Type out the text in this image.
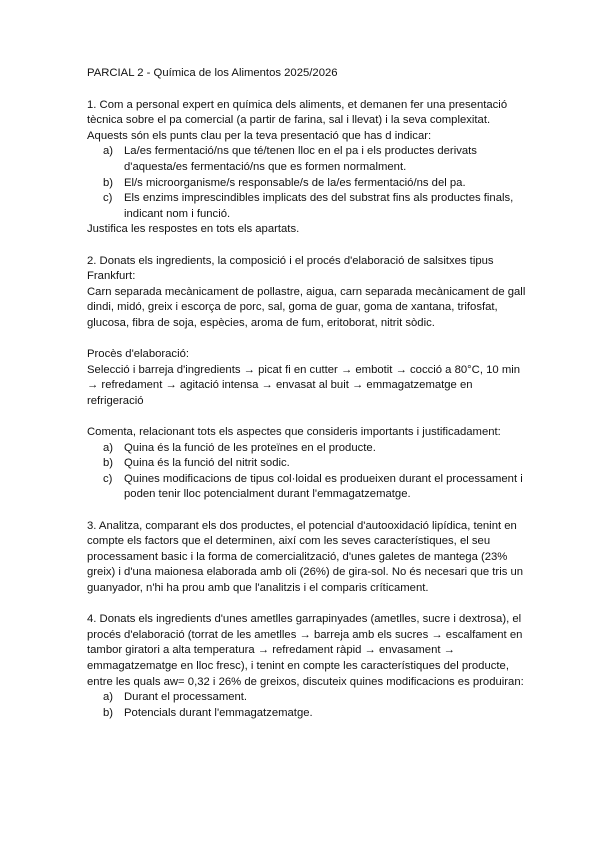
PARCIAL 2 - Química de los Alimentos 2025/2026

1. Com a personal expert en química dels aliments, et demanen fer una presentació tècnica sobre el pa comercial (a partir de farina, sal i llevat) i la seva complexitat. Aquests són els punts clau per la teva presentació que has d indicar:

a) La/es fermentació/ns que té/tenen lloc en el pa i els productes derivats d'aquesta/es fermentació/ns que es formen normalment.
b) El/s microorganisme/s responsable/s de la/es fermentació/ns del pa.
c) Els enzims imprescindibles implicats des del substrat fins als productes finals, indicant nom i funció.

Justifica les respostes en tots els apartats.

2. Donats els ingredients, la composició i el procés d'elaboració de salsitxes tipus Frankfurt:

Carn separada mecànicament de pollastre, aigua, carn separada mecànicament de gall dindi, midó, greix i escorça de porc, sal, goma de guar, goma de xantana, trifosfat, glucosa, fibra de soja, espècies, aroma de fum, eritoborat, nitrit sòdic.

Procès d'elaboració:

Selecció i barreja d'ingredients → picat fi en cutter → embotit → cocció a 80°C, 10 min → refredament → agitació intensa → envasat al buit → emmagatzematge en refrigeració

Comenta, relacionant tots els aspectes que consideris importants i justificadament:

a) Quina és la funció de les proteïnes en el producte.
b) Quina és la funció del nitrit sodic.
c) Quines modificacions de tipus col·loidal es produeixen durant el processament i poden tenir lloc potencialment durant l'emmagatzematge.

3. Analitza, comparant els dos productes, el potencial d'autooxidació lipídica, tenint en compte els factors que el determinen, així com les seves característiques, el seu processament basic i la forma de comercialització, d'unes galetes de mantega (23% greix) i d'una maionesa elaborada amb oli (26%) de gira-sol. No és necesari que tris un guanyador, n'hi ha prou amb que l'analitzis i el comparis críticament.

4. Donats els ingredients d'unes ametlles garrapinyades (ametlles, sucre i dextrosa), el procés d'elaboració (torrat de les ametlles → barreja amb els sucres → escalfament en tambor giratori a alta temperatura → refredament ràpid → envasament → emmagatzematge en lloc fresc), i tenint en compte les característiques del producte, entre les quals aw= 0,32 i 26% de greixos, discuteix quines modificacions es produiran:

a) Durant el processament.
b) Potencials durant l'emmagatzematge.
